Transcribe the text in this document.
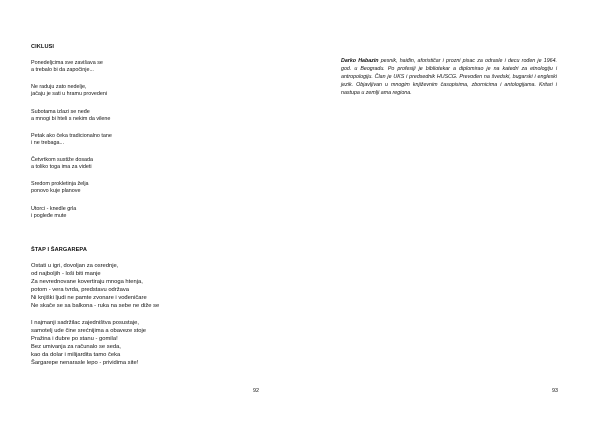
CIKLUSI
Ponedeljcima sve zavišava se
a trebalo bi da započinje...
Ne raduju zato nedelje,
jačaju je sati u hramu provedeni
Subotama izlazi se neđe
a mnogi bi hteli s nekim da vilene
Petak ako čeka tradicionalno tane
i ne trebaga...
Četvrtkom sustiže dosada
a toliko toga ima za videti
Sredom prokletinja želja
ponovo kuje planove
Utorci - knedle grla
i pogleđe mute
ŠTAP I ŠARGAREPA
Ostati u igri, dovoljan za osrednje,
od najboljih - loši biti manje
Za nevrednovane kovertiraju mnoga htenja,
potom - vera tvrda, predstavu održava
Ni knjiški ljudi ne pamte zvonare i vođeničare
Ne skače se sa balkona - ruka na sebe ne diže se
I najmanji sadržilac zajedništva posustaje,
samotelj ude čine srećnijima a obaveze stoje
Pražina i đubre po stanu - gomila!
Bez umivanja za računalo se seda,
kao da dolar i milijardita tamo čeka
Šargarepe nenarasle lepo - prividima site!
92
Darko Habazin pesnik, haiđin, aforističar i prozni pisac za odrasle i decu rođen je 1964. god. u Beogradu. Po profesiji je bibliotekar a diplomirao je na katedri za etnologiju i antropologiju. Član je UKS i predsednik HUSCG. Prevođen na švedski, bugarski i engleski jezik. Objavljivan u mnogim književnim časopisima, zbornicima i antologijama. Kritari i nastupa u zemlji ama regiona.
93
